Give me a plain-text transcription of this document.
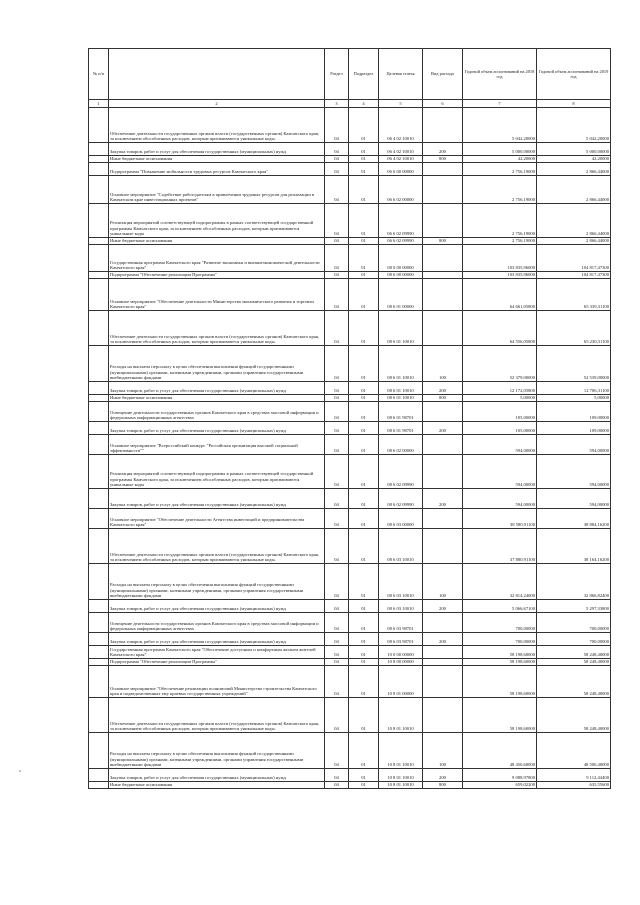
№ п/п		Раздел	Подраздел	Целевая статья	Вид расхода	Годовой объем ассигнований на 2018 год	Годовой объем ассигнований на 2019 год
1	2	3	4	5	6	7	8
	Обеспечение деятельности государственных органов власти (государственных органов) Камчатского края, за исключением обособленных расходов, которым присваиваются уникальные коды.	04	01	06 4 02 10010		5 042,20000	5 042,20000
	Закупка товаров, работ и услуг для обеспечения государственных (муниципальных) нужд	04	01	06 4 02 10010	200	5 000,00000	5 000,00000
	Иные бюджетные ассигнования	04	01	06 4 02 10010	800	42,20000	42,20000
	Подпрограмма "Повышение мобильности трудовых ресурсов Камчатского края"	04	01	06 6 00 00000		2 756,19000	2 866,44000
	Основное мероприятие "Содействие работодателям в привлечении трудовых ресурсов для реализации в Камчатском крае инвестиционных проектов"	04	01	06 6 02 00000		2 756,19000	2 866,44000
	Реализация мероприятий соответствующей подпрограммы в рамках соответствующей государственной программы Камчатского края, за исключением обособленных расходов, которым присваиваются уникальные коды	04	01	06 6 02 09990		2 756,19000	2 866,44000
	Иные бюджетные ассигнования	04	01	06 6 02 09990	800	2 756,19000	2 866,44000
	Государственная программа Камчатского края "Развитие экономики и внешнеэкономической деятельности Камчатского края"	04	01	08 0 00 00000		103 835,96000	104 817,47300
	Подпрограмма "Обеспечение реализации Программы"	04	01	08 6 00 00000		103 835,96000	104 817,47300
	Основное мероприятие "Обеспечение деятельности Министерства экономического развития и торговли Камчатского края"	04	01	08 6 01 00000		64 661,05800	65 339,31100
	Обеспечение деятельности государственных органов власти (государственных органов) Камчатского края, за исключением обособленных расходов, которым присваиваются уникальные коды.	04	01	08 6 01 10010		64 556,05800	65 230,31100
	Расходы на выплаты персоналу в целях обеспечения выполнения функций государственными (муниципальными) органами, казенными учреждениями, органами управления государственными внебюджетными фондами	04	01	08 6 01 10010	100	52 379,00000	52 539,00000
	Закупка товаров, работ и услуг для обеспечения государственных (муниципальных) нужд	04	01	08 6 01 10010	200	12 172,05800	12 706,31100
	Иные бюджетные ассигнования	04	01	08 6 01 10010	800	5,00000	5,00000
	Освещение деятельности государственных органов Камчатского края в средствах массовой информации и федеральных информационных агентствах	04	01	08 6 01 98701		105,00000	109,00000
	Закупка товаров, работ и услуг для обеспечения государственных (муниципальных) нужд	04	01	08 6 01 98701	200	105,00000	109,00000
	Основное мероприятие "Всероссийский конкурс "Российская организация высокой социальной эффективности""	04	01	08 6 02 00000		594,00000	594,00000
	Реализация мероприятий соответствующей подпрограммы в рамках соответствующей государственной программы Камчатского края, за исключением обособленных расходов, которым присваиваются уникальные коды	04	01	08 6 02 09990		594,00000	594,00000
	Закупка товаров, работ и услуг для обеспечения государственных (муниципальных) нужд	04	01	08 6 02 09990	200	594,00000	594,00000
	Основное мероприятие "Обеспечение деятельности Агентства инвестиций и предпринимательства Камчатского края"	04	01	08 6 03 00000		38 580,91100	38 884,16200
	Обеспечение деятельности государственных органов власти (государственных органов) Камчатского края, за исключением обособленных расходов, которым присваиваются уникальные коды.	04	01	08 6 03 10010		37 880,91100	38 164,16200
	Расходы на выплаты персоналу в целях обеспечения выполнения функций государственными (муниципальными) органами, казенными учреждениями, органами управления государственными внебюджетными фондами	04	01	08 6 03 10010	100	32 814,24000	32 866,82400
	Закупка товаров, работ и услуг для обеспечения государственных (муниципальных) нужд	04	01	08 6 03 10010	200	5 066,67100	5 297,33800
	Освещение деятельности государственных органов Камчатского края в средствах массовой информации и федеральных информационных агентствах	04	01	08 6 03 98701		700,00000	700,00000
	Закупка товаров, работ и услуг для обеспечения государственных (муниципальных) нужд	04	01	08 6 03 98701	200	700,00000	700,00000
	Государственная программа Камчатского края "Обеспечение доступным и комфортным жильем жителей Камчатского края"	04	01	10 0 00 00000		58 198,60000	58 248,40000
	Подпрограмма "Обеспечение реализации Программы"	04	01	10 8 00 00000		58 198,60000	58 248,40000
	Основное мероприятие "Обеспечение реализации полномочий Министерства строительства Камчатского края и подведомственных ему краевых государственных учреждений"	04	01	10 8 01 00000		58 198,60000	58 248,40000
	Обеспечение деятельности государственных органов власти (государственных органов) Камчатского края, за исключением обособленных расходов, которым присваиваются уникальные коды.	04	01	10 8 01 10010		58 198,60000	58 248,40000
	Расходы на выплаты персоналу в целях обеспечения выполнения функций государственными (муниципальными) органами, казенными учреждениями, органами управления государственными внебюджетными фондами	04	01	10 8 01 10010	100	48 450,60000	48 500,40000
	Закупка товаров, работ и услуг для обеспечения государственных (муниципальных) нужд	04	01	10 8 01 10010	200	9 088,97800	9 112,44400
	Иные бюджетные ассигнования	04	01	10 8 01 10010	800	659,02200	635,55600
